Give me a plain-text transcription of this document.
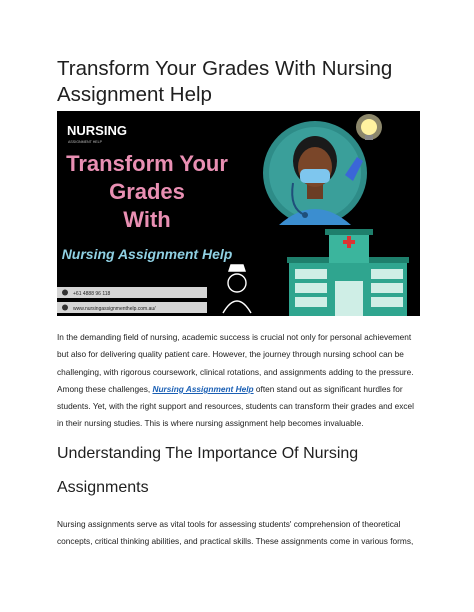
Transform Your Grades With Nursing Assignment Help
NURSING
ASSIGNMENT HELP
Transform Your
Grades
With
Nursing Assignment Help
+61 4888 96 118
www.nursingassignmenthelp.com.au/

In the demanding field of nursing, academic success is crucial not only for personal achievement but also for delivering quality patient care. However, the journey through nursing school can be challenging, with rigorous coursework, clinical rotations, and assignments adding to the pressure. Among these challenges, Nursing Assignment Help often stand out as significant hurdles for students. Yet, with the right support and resources, students can transform their grades and excel in their nursing studies. This is where nursing assignment help becomes invaluable.

Understanding The Importance Of Nursing Assignments

Nursing assignments serve as vital tools for assessing students' comprehension of theoretical concepts, critical thinking abilities, and practical skills. These assignments come in various forms,
